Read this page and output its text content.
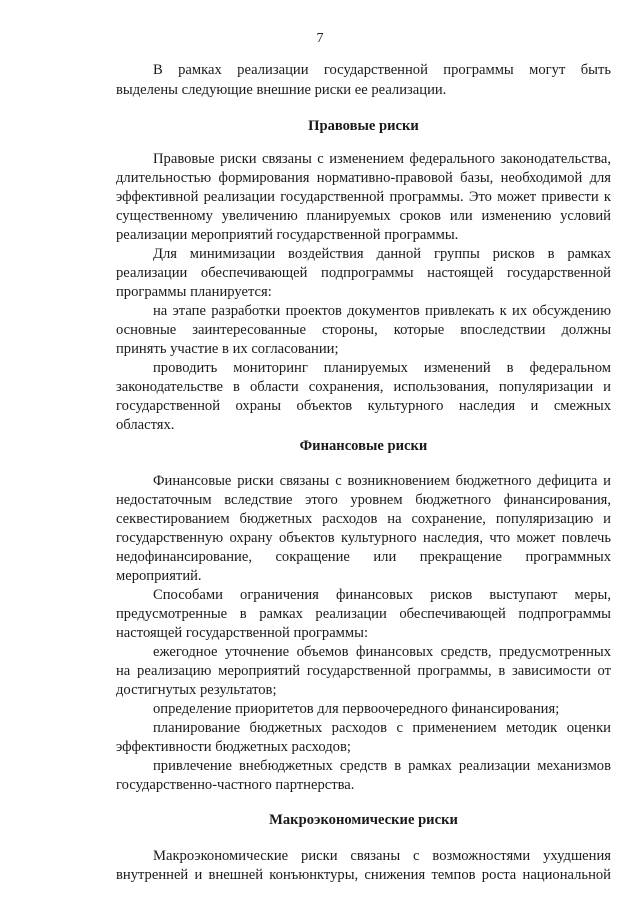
7
В рамках реализации государственной программы могут быть
выделены следующие внешние риски ее реализации.
Правовые риски
Правовые риски связаны с изменением федерального законодательства,
длительностью формирования нормативно-правовой базы, необходимой для
эффективной реализации государственной программы. Это может привести к
существенному увеличению планируемых сроков или изменению условий
реализации мероприятий государственной программы.
Для минимизации воздействия данной группы рисков в рамках
реализации обеспечивающей подпрограммы настоящей государственной
программы планируется:
на этапе разработки проектов документов привлекать к их обсуждению
основные заинтересованные стороны, которые впоследствии должны
принять участие в их согласовании;
проводить мониторинг планируемых изменений в федеральном
законодательстве в области сохранения, использования, популяризации и
государственной охраны объектов культурного наследия и смежных
областях.
Финансовые риски
Финансовые риски связаны с возникновением бюджетного дефицита и
недостаточным вследствие этого уровнем бюджетного финансирования,
секвестированием бюджетных расходов на сохранение, популяризацию и
государственную охрану объектов культурного наследия, что может повлечь
недофинансирование, сокращение или прекращение программных
мероприятий.
Способами ограничения финансовых рисков выступают меры,
предусмотренные в рамках реализации обеспечивающей подпрограммы
настоящей государственной программы:
ежегодное уточнение объемов финансовых средств, предусмотренных
на реализацию мероприятий государственной программы, в зависимости от
достигнутых результатов;
определение приоритетов для первоочередного финансирования;
планирование бюджетных расходов с применением методик оценки
эффективности бюджетных расходов;
привлечение внебюджетных средств в рамках реализации механизмов
государственно-частного партнерства.
Макроэкономические риски
Макроэкономические риски связаны с возможностями ухудшения
внутренней и внешней конъюнктуры, снижения темпов роста национальной
